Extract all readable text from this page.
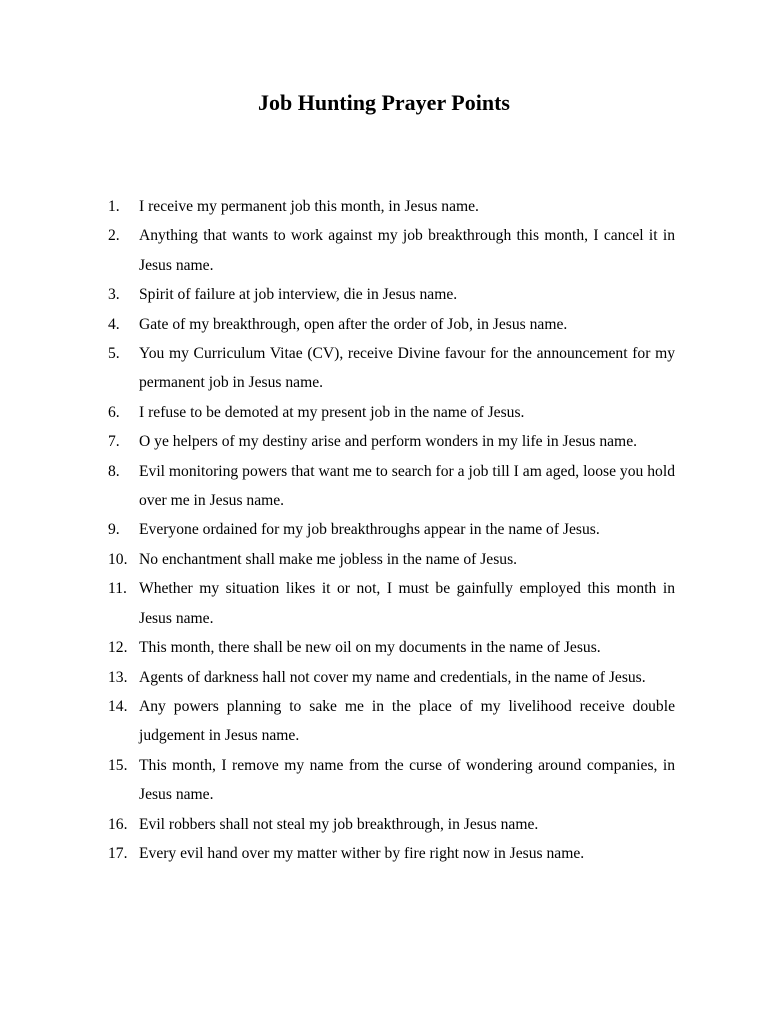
Job Hunting Prayer Points
1. I receive my permanent job this month, in Jesus name.
2. Anything that wants to work against my job breakthrough this month, I cancel it in Jesus name.
3. Spirit of failure at job interview, die in Jesus name.
4. Gate of my breakthrough, open after the order of Job, in Jesus name.
5. You my Curriculum Vitae (CV), receive Divine favour for the announcement for my permanent job in Jesus name.
6. I refuse to be demoted at my present job in the name of Jesus.
7. O ye helpers of my destiny arise and perform wonders in my life in Jesus name.
8. Evil monitoring powers that want me to search for a job till I am aged, loose you hold over me in Jesus name.
9. Everyone ordained for my job breakthroughs appear in the name of Jesus.
10. No enchantment shall make me jobless in the name of Jesus.
11. Whether my situation likes it or not, I must be gainfully employed this month in Jesus name.
12. This month, there shall be new oil on my documents in the name of Jesus.
13. Agents of darkness hall not cover my name and credentials, in the name of Jesus.
14. Any powers planning to sake me in the place of my livelihood receive double judgement in Jesus name.
15. This month, I remove my name from the curse of wondering around companies, in Jesus name.
16. Evil robbers shall not steal my job breakthrough, in Jesus name.
17. Every evil hand over my matter wither by fire right now in Jesus name.
